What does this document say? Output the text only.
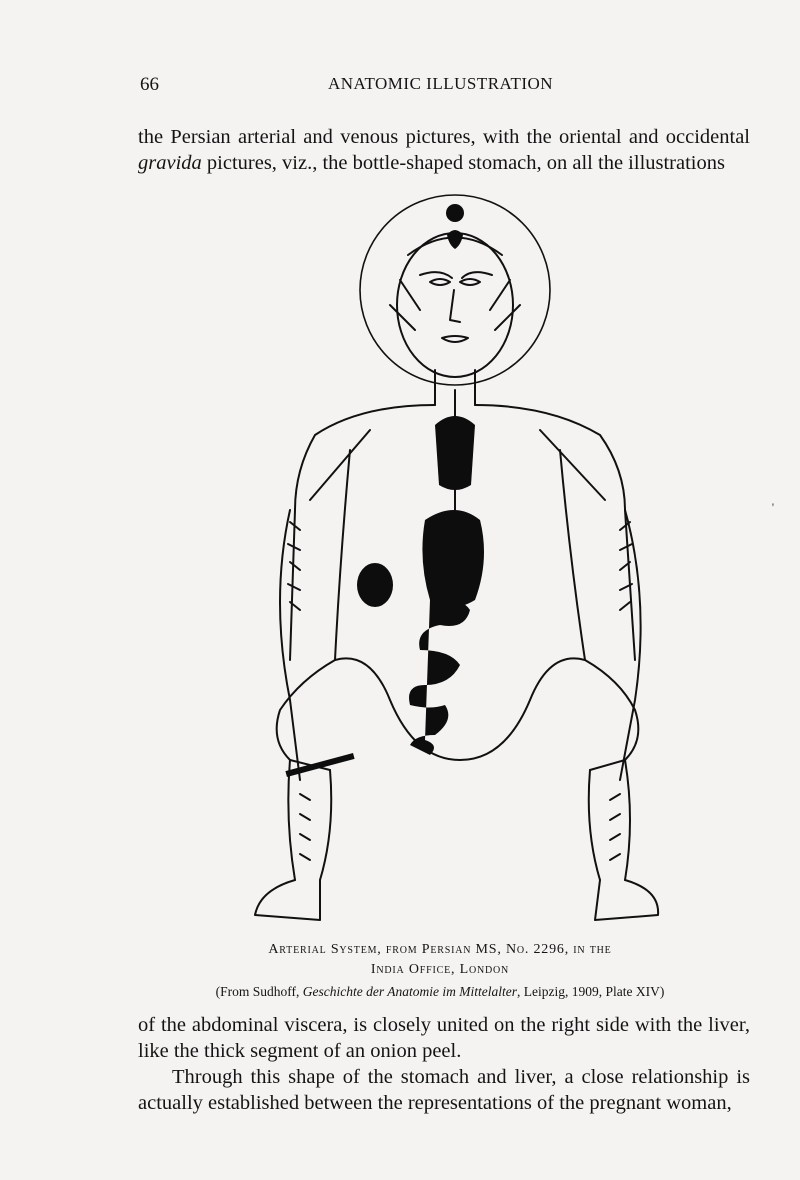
66	ANATOMIC ILLUSTRATION
the Persian arterial and venous pictures, with the oriental and occidental gravida pictures, viz., the bottle-shaped stomach, on all the illustrations
Arterial System, from Persian MS, No. 2296, in the
India Office, London
(From Sudhoff, Geschichte der Anatomie im Mittelalter, Leipzig, 1909, Plate XIV)
of the abdominal viscera, is closely united on the right side with the liver, like the thick segment of an onion peel.
Through this shape of the stomach and liver, a close relationship is actually established between the representations of the pregnant woman,
'
